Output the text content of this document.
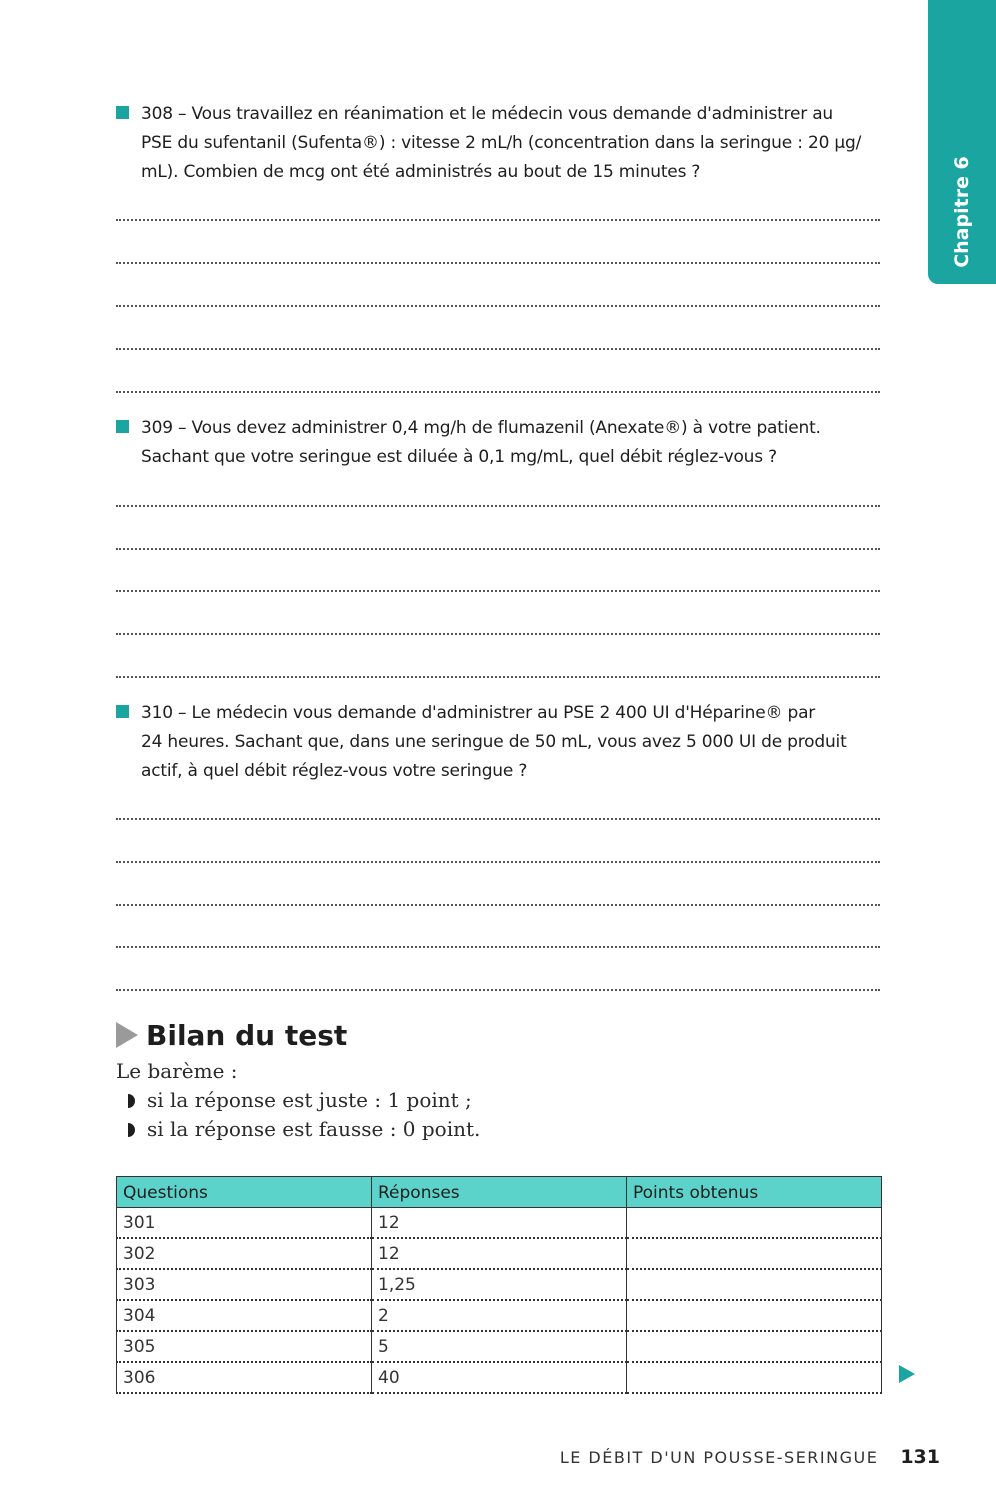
Chapitre 6
308 – Vous travaillez en réanimation et le médecin vous demande d'administrer au
PSE du sufentanil (Sufenta®) : vitesse 2 mL/h (concentration dans la seringue : 20 µg/
mL). Combien de mcg ont été administrés au bout de 15 minutes ?
309 – Vous devez administrer 0,4 mg/h de flumazenil (Anexate®) à votre patient.
Sachant que votre seringue est diluée à 0,1 mg/mL, quel débit réglez-vous ?
310 – Le médecin vous demande d'administrer au PSE 2 400 UI d'Héparine® par
24 heures. Sachant que, dans une seringue de 50 mL, vous avez 5 000 UI de produit
actif, à quel débit réglez-vous votre seringue ?
Bilan du test
Le barème :
si la réponse est juste : 1 point ;
si la réponse est fausse : 0 point.
Questions	Réponses	Points obtenus
301	12	
302	12	
303	1,25	
304	2	
305	5	
306	40	
LE DÉBIT D'UN POUSSE-SERINGUE 131
